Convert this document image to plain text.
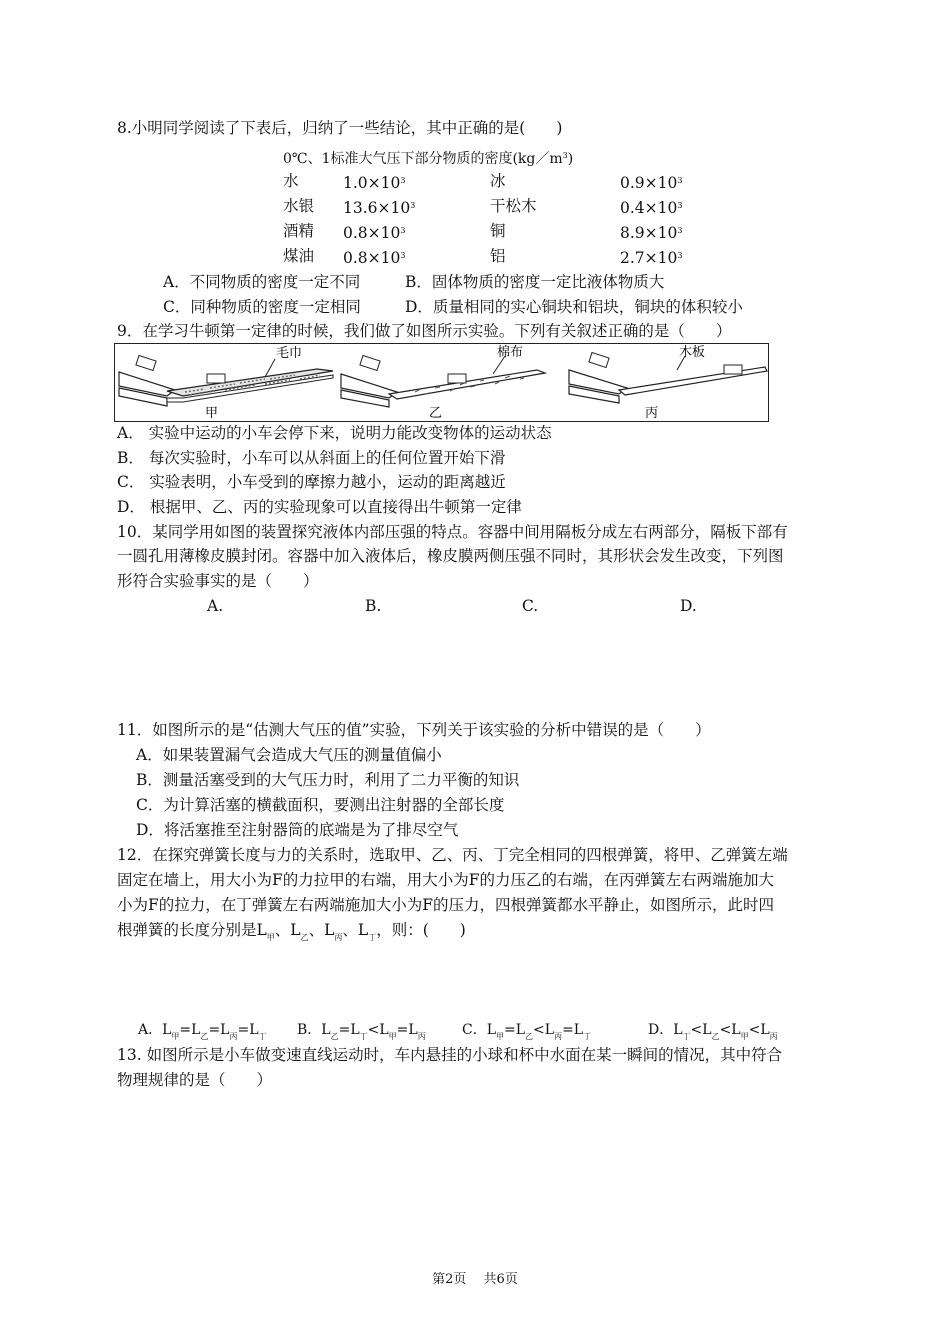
8.小明同学阅读了下表后，归纳了一些结论，其中正确的是(　　)
0℃、1标准大气压下部分物质的密度$(kg/m^3)$
水	$1.0\times 10^3$	冰	$0.9\times 10^3$
水银 $13.6\times 10^3$	干松木	$0.4\times 10^3$
酒精 $0.8\times 10^3$	铜	$8.9\times 10^3$
煤油 $0.8\times 10^3$	铝	$2.7\times 10^3$
A．不同物质的密度一定不同	B．固体物质的密度一定比液体物质大
C．同种物质的密度一定相同	D．质量相同的实心铜块和铝块，铜块的体积较小
9．在学习牛顿第一定律的时候，我们做了如图所示实验。下列有关叙述正确的是（　　）
毛巾	棉布	木板
甲	乙	丙
A． 实验中运动的小车会停下来，说明力能改变物体的运动状态
B． 每次实验时，小车可以从斜面上的任何位置开始下滑
C． 实验表明，小车受到的摩擦力越小，运动的距离越近
D． 根据甲、乙、丙的实验现象可以直接得出牛顿第一定律
10．某同学用如图的装置探究液体内部压强的特点。容器中间用隔板分成左右两部分，隔板下部有
一圆孔用薄橡皮膜封闭。容器中加入液体后，橡皮膜两侧压强不同时，其形状会发生改变，下列图
形符合实验事实的是（　　）
A.	B.	C.	D.
11．如图所示的是“估测大气压的值”实验，下列关于该实验的分析中错误的是（　　）
A．如果装置漏气会造成大气压的测量值偏小
B．测量活塞受到的大气压力时，利用了二力平衡的知识
C．为计算活塞的横截面积，要测出注射器的全部长度
D．将活塞推至注射器筒的底端是为了排尽空气
12．在探究弹簧长度与力的关系时，选取甲、乙、丙、丁完全相同的四根弹簧，将甲、乙弹簧左端
固定在墙上，用大小为F的力拉甲的右端，用大小为F的力压乙的右端，在丙弹簧左右两端施加大
小为F的拉力，在丁弹簧左右两端施加大小为F的压力，四根弹簧都水平静止，如图所示，此时四
根弹簧的长度分别是$L_甲$、$L_乙$、$L_丙$、$L_丁$，则：(　　)
A．$L_甲=L_乙=L_丙=L_丁$ B．$L_乙=L_丁<L_甲=L_丙$	C．$L_甲=L_乙<L_丙=L_丁$	D．$L_丁<L_乙<L_甲<L_丙$
13. 如图所示是小车做变速直线运动时，车内悬挂的小球和杯中水面在某一瞬间的情况，其中符合
物理规律的是（　　）
第2页　 共6页
